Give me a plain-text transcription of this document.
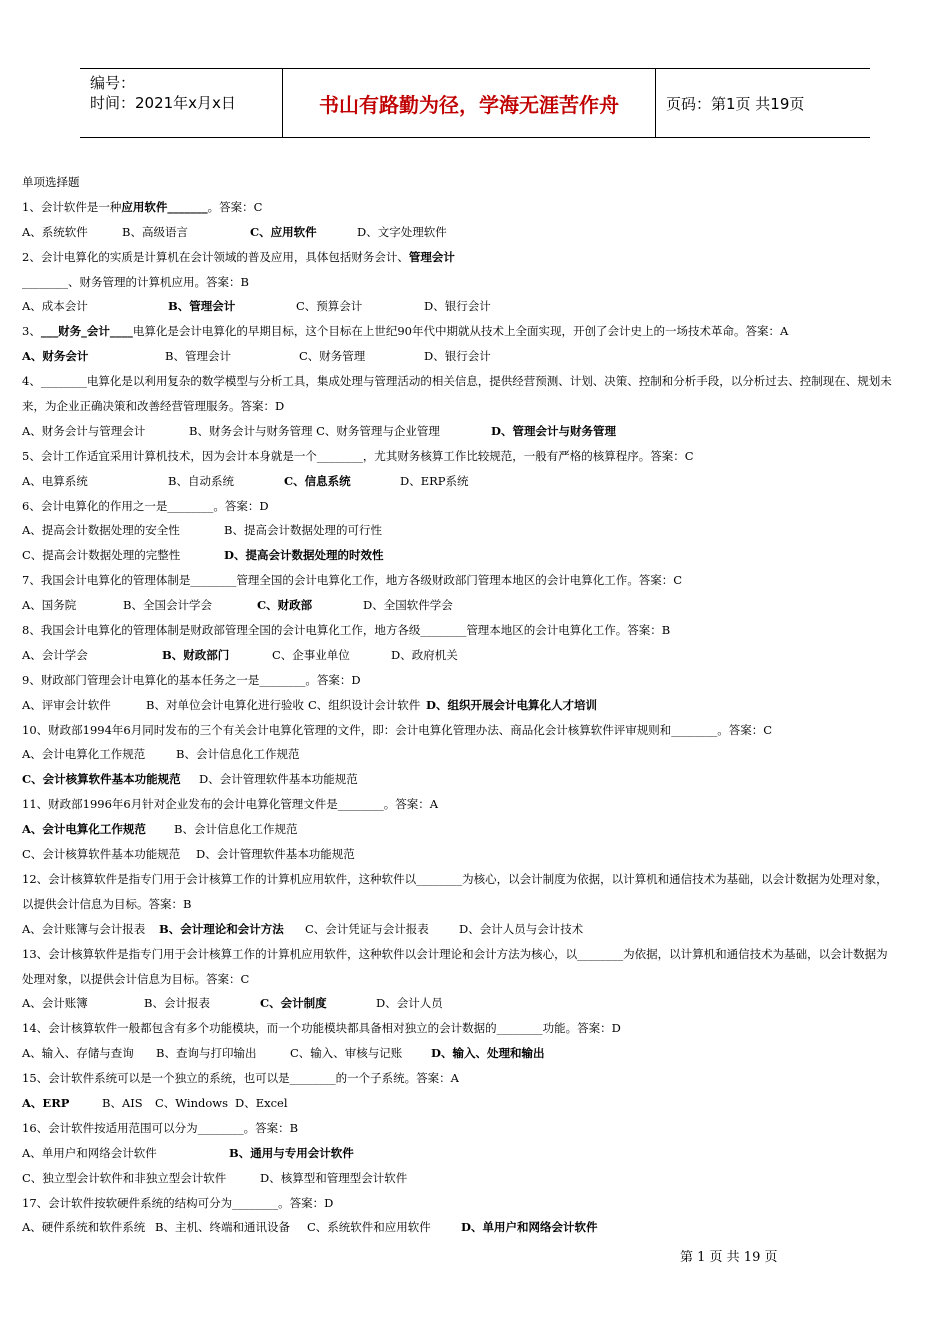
编号：
时间：2021年x月x日	书山有路勤为径，学海无涯苦作舟	页码：第1页 共19页
单项选择题
1、会计软件是一种应用软件_______。答案：C
A、系统软件	B、高级语言	C、应用软件	D、文字处理软件
2、会计电算化的实质是计算机在会计领域的普及应用，具体包括财务会计、管理会计
________、财务管理的计算机应用。答案：B
A、成本会计	B、管理会计	C、预算会计	D、银行会计
3、___财务_会计____电算化是会计电算化的早期目标，这个目标在上世纪90年代中期就从技术上全面实现，开创了会计史上的一场技术革命。答案：A
A、财务会计	B、管理会计	C、财务管理	D、银行会计
4、________电算化是以利用复杂的数学模型与分析工具，集成处理与管理活动的相关信息，提供经营预测、计划、决策、控制和分析手段，以分析过去、控制现在、规划未
来，为企业正确决策和改善经营管理服务。答案：D
A、财务会计与管理会计	B、财务会计与财务管理 C、财务管理与企业管理	D、管理会计与财务管理
5、会计工作适宜采用计算机技术，因为会计本身就是一个________，尤其财务核算工作比较规范，一般有严格的核算程序。答案：C
A、电算系统	B、自动系统	C、信息系统	D、ERP系统
6、会计电算化的作用之一是________。答案：D
A、提高会计数据处理的安全性	B、提高会计数据处理的可行性
C、提高会计数据处理的完整性	D、提高会计数据处理的时效性
7、我国会计电算化的管理体制是________管理全国的会计电算化工作，地方各级财政部门管理本地区的会计电算化工作。答案：C
A、国务院	B、全国会计学会	C、财政部	D、全国软件学会
8、我国会计电算化的管理体制是财政部管理全国的会计电算化工作，地方各级________管理本地区的会计电算化工作。答案：B
A、会计学会	B、财政部门	C、企事业单位	D、政府机关
9、财政部门管理会计电算化的基本任务之一是________。答案：D
A、评审会计软件	B、对单位会计电算化进行验收 C、组织设计会计软件 D、组织开展会计电算化人才培训
10、财政部1994年6月同时发布的三个有关会计电算化管理的文件，即：会计电算化管理办法、商品化会计核算软件评审规则和________。答案：C
A、会计电算化工作规范	B、会计信息化工作规范
C、会计核算软件基本功能规范 D、会计管理软件基本功能规范
11、财政部1996年6月针对企业发布的会计电算化管理文件是________。答案：A
A、会计电算化工作规范 B、会计信息化工作规范
C、会计核算软件基本功能规范 D、会计管理软件基本功能规范
12、会计核算软件是指专门用于会计核算工作的计算机应用软件，这种软件以________为核心，以会计制度为依据，以计算机和通信技术为基础，以会计数据为处理对象，
以提供会计信息为目标。答案：B
A、会计账簿与会计报表 B、会计理论和会计方法 C、会计凭证与会计报表	D、会计人员与会计技术
13、会计核算软件是指专门用于会计核算工作的计算机应用软件，这种软件以会计理论和会计方法为核心，以________为依据，以计算机和通信技术为基础，以会计数据为
处理对象，以提供会计信息为目标。答案：C
A、会计账簿	B、会计报表	C、会计制度	D、会计人员
14、会计核算软件一般都包含有多个功能模块，而一个功能模块都具备相对独立的会计数据的________功能。答案：D
A、输入、存储与查询 B、查询与打印输出	C、输入、审核与记账 D、输入、处理和输出
15、会计软件系统可以是一个独立的系统，也可以是________的一个子系统。答案：A
A、ERP	B、AIS C、Windows D、Excel
16、会计软件按适用范围可以分为________。答案：B
A、单用户和网络会计软件	B、通用与专用会计软件
C、独立型会计软件和非独立型会计软件	D、核算型和管理型会计软件
17、会计软件按软硬件系统的结构可分为________。答案：D
A、硬件系统和软件系统 B、主机、终端和通讯设备 C、系统软件和应用软件	D、单用户和网络会计软件
第 1 页 共 19 页
